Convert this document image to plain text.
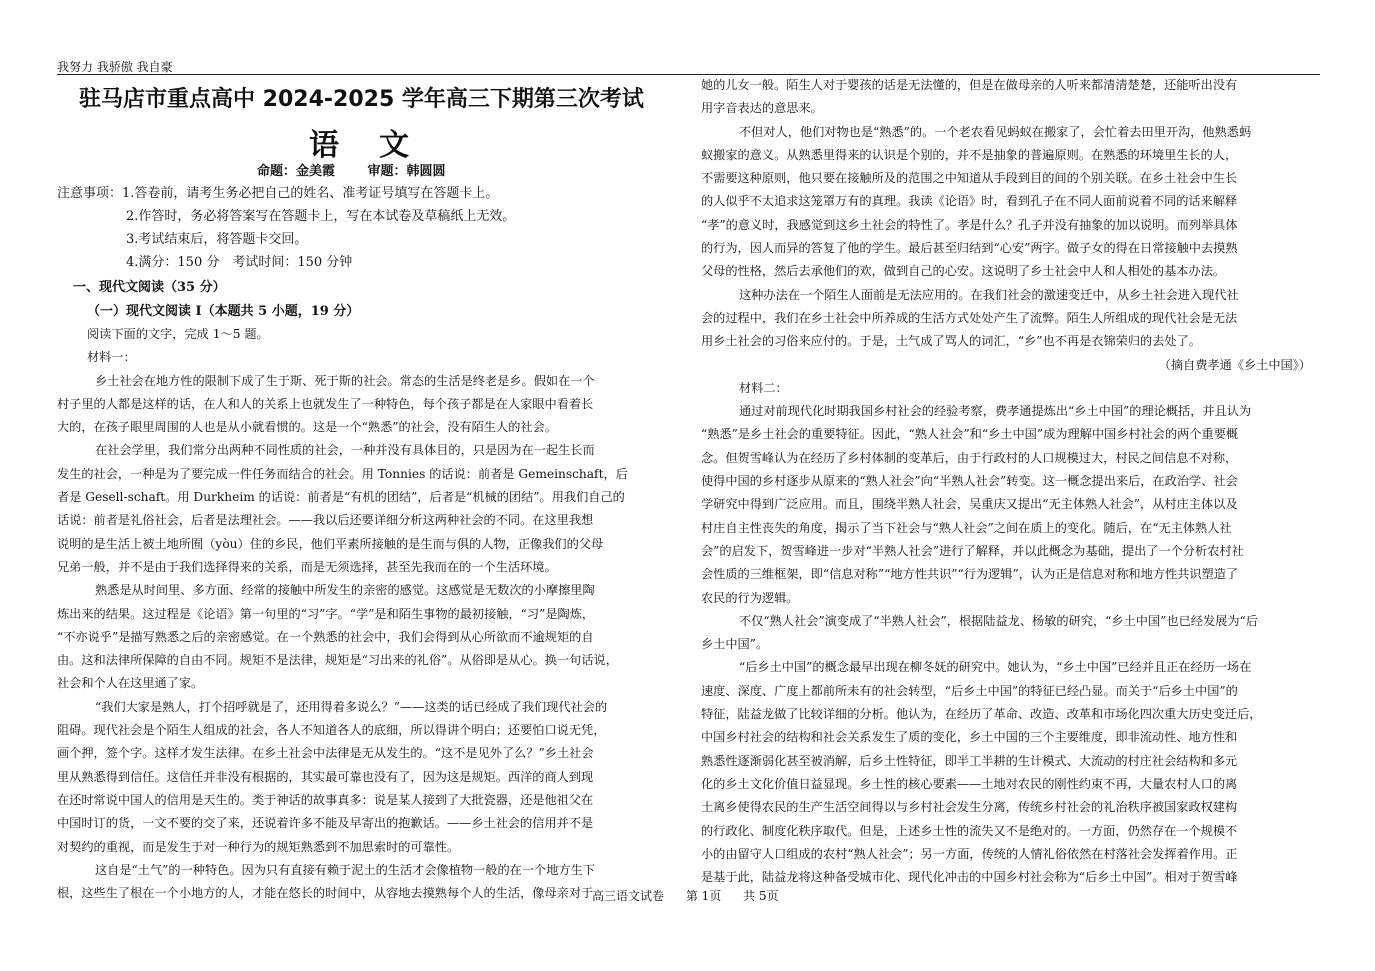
我努力 我骄傲 我自豪
驻马店市重点高中 2024-2025 学年高三下期第三次考试
语文
命题：金美霞	审题：韩圆圆
注意事项：1.答卷前，请考生务必把自己的姓名、准考证号填写在答题卡上。
2.作答时，务必将答案写在答题卡上，写在本试卷及草稿纸上无效。
3.考试结束后，将答题卡交回。
4.满分：150 分　考试时间：150 分钟
一、现代文阅读（35 分）
（一）现代文阅读 I（本题共 5 小题，19 分）
阅读下面的文字，完成 1～5 题。
材料一：
乡土社会在地方性的限制下成了生于斯、死于斯的社会。常态的生活是终老是乡。假如在一个
村子里的人都是这样的话，在人和人的关系上也就发生了一种特色，每个孩子都是在人家眼中看着长
大的，在孩子眼里周围的人也是从小就看惯的。这是一个“熟悉”的社会，没有陌生人的社会。
在社会学里，我们常分出两种不同性质的社会，一种并没有具体目的，只是因为在一起生长而
发生的社会，一种是为了要完成一件任务而结合的社会。用 Tonnies 的话说：前者是 Gemeinschaft，后
者是 Gesell-schaft。用 Durkheim 的话说：前者是“有机的团结”，后者是“机械的团结”。用我们自己的
话说：前者是礼俗社会，后者是法理社会。——我以后还要详细分析这两种社会的不同。在这里我想
说明的是生活上被土地所囿（yòu）住的乡民，他们平素所接触的是生而与俱的人物，正像我们的父母
兄弟一般，并不是由于我们选择得来的关系，而是无须选择，甚至先我而在的一个生活环境。
熟悉是从时间里、多方面、经常的接触中所发生的亲密的感觉。这感觉是无数次的小摩擦里陶
炼出来的结果。这过程是《论语》第一句里的“习”字。“学”是和陌生事物的最初接触，“习”是陶炼，
“不亦说乎”是描写熟悉之后的亲密感觉。在一个熟悉的社会中，我们会得到从心所欲而不逾规矩的自
由。这和法律所保障的自由不同。规矩不是法律，规矩是“习出来的礼俗”。从俗即是从心。换一句话说，
社会和个人在这里通了家。
“我们大家是熟人，打个招呼就是了，还用得着多说么？”——这类的话已经成了我们现代社会的
阻碍。现代社会是个陌生人组成的社会，各人不知道各人的底细，所以得讲个明白；还要怕口说无凭，
画个押，签个字。这样才发生法律。在乡土社会中法律是无从发生的。“这不是见外了么？”乡土社会
里从熟悉得到信任。这信任并非没有根据的，其实最可靠也没有了，因为这是规矩。西洋的商人到现
在还时常说中国人的信用是天生的。类于神话的故事真多：说是某人接到了大批瓷器，还是他祖父在
中国时订的货，一文不要的交了来，还说着许多不能及早寄出的抱歉话。——乡土社会的信用并不是
对契约的重视，而是发生于对一种行为的规矩熟悉到不加思索时的可靠性。
这自是“土气”的一种特色。因为只有直接有赖于泥土的生活才会像植物一般的在一个地方生下
根，这些生了根在一个小地方的人，才能在悠长的时间中，从容地去摸熟每个人的生活，像母亲对于
她的儿女一般。陌生人对于婴孩的话是无法懂的，但是在做母亲的人听来都清清楚楚，还能听出没有
用字音表达的意思来。
不但对人，他们对物也是“熟悉”的。一个老农看见蚂蚁在搬家了，会忙着去田里开沟，他熟悉蚂
蚁搬家的意义。从熟悉里得来的认识是个别的，并不是抽象的普遍原则。在熟悉的环境里生长的人，
不需要这种原则，他只要在接触所及的范围之中知道从手段到目的间的个别关联。在乡土社会中生长
的人似乎不太追求这笼罩万有的真理。我读《论语》时，看到孔子在不同人面前说着不同的话来解释
“孝”的意义时，我感觉到这乡土社会的特性了。孝是什么？孔子并没有抽象的加以说明。而列举具体
的行为，因人而异的答复了他的学生。最后甚至归结到“心安”两字。做子女的得在日常接触中去摸熟
父母的性格，然后去承他们的欢，做到自己的心安。这说明了乡土社会中人和人相处的基本办法。
这种办法在一个陌生人面前是无法应用的。在我们社会的激速变迁中，从乡土社会进入现代社
会的过程中，我们在乡土社会中所养成的生活方式处处产生了流弊。陌生人所组成的现代社会是无法
用乡土社会的习俗来应付的。于是，土气成了骂人的词汇，“乡”也不再是衣锦荣归的去处了。
（摘自费孝通《乡土中国》）
材料二：
通过对前现代化时期我国乡村社会的经验考察，费孝通提炼出“乡土中国”的理论概括，并且认为
“熟悉”是乡土社会的重要特征。因此，“熟人社会”和“乡土中国”成为理解中国乡村社会的两个重要概
念。但贺雪峰认为在经历了乡村体制的变革后，由于行政村的人口规模过大，村民之间信息不对称，
使得中国的乡村逐步从原来的“熟人社会”向“半熟人社会”转变。这一概念提出来后，在政治学、社会
学研究中得到广泛应用。而且，围绕半熟人社会，吴重庆又提出“无主体熟人社会”，从村庄主体以及
村庄自主性丧失的角度，揭示了当下社会与“熟人社会”之间在质上的变化。随后，在“无主体熟人社
会”的启发下，贺雪峰进一步对“半熟人社会”进行了解释，并以此概念为基础，提出了一个分析农村社
会性质的三维框架，即“信息对称”“地方性共识”“行为逻辑”，认为正是信息对称和地方性共识塑造了
农民的行为逻辑。
不仅“熟人社会”演变成了“半熟人社会”，根据陆益龙、杨敏的研究，“乡土中国”也已经发展为“后
乡土中国”。
“后乡土中国”的概念最早出现在柳冬妩的研究中。她认为，“乡土中国”已经并且正在经历一场在
速度、深度、广度上都前所未有的社会转型，“后乡土中国”的特征已经凸显。而关于“后乡土中国”的
特征，陆益龙做了比较详细的分析。他认为，在经历了革命、改造、改革和市场化四次重大历史变迁后，
中国乡村社会的结构和社会关系发生了质的变化，乡土中国的三个主要维度，即非流动性、地方性和
熟悉性逐渐弱化甚至被消解，后乡土性特征，即半工半耕的生计模式、大流动的村庄社会结构和多元
化的乡土文化价值日益显现。乡土性的核心要素——土地对农民的刚性约束不再，大量农村人口的离
土离乡使得农民的生产生活空间得以与乡村社会发生分离，传统乡村社会的礼治秩序被国家政权建构
的行政化、制度化秩序取代。但是，上述乡土性的流失又不是绝对的。一方面，仍然存在一个规模不
小的由留守人口组成的农村“熟人社会”；另一方面，传统的人情礼俗依然在村落社会发挥着作用。正
是基于此，陆益龙将这种备受城市化、现代化冲击的中国乡村社会称为“后乡土中国”。相对于贺雪峰
高三语文试卷 第 1页 共 5页
